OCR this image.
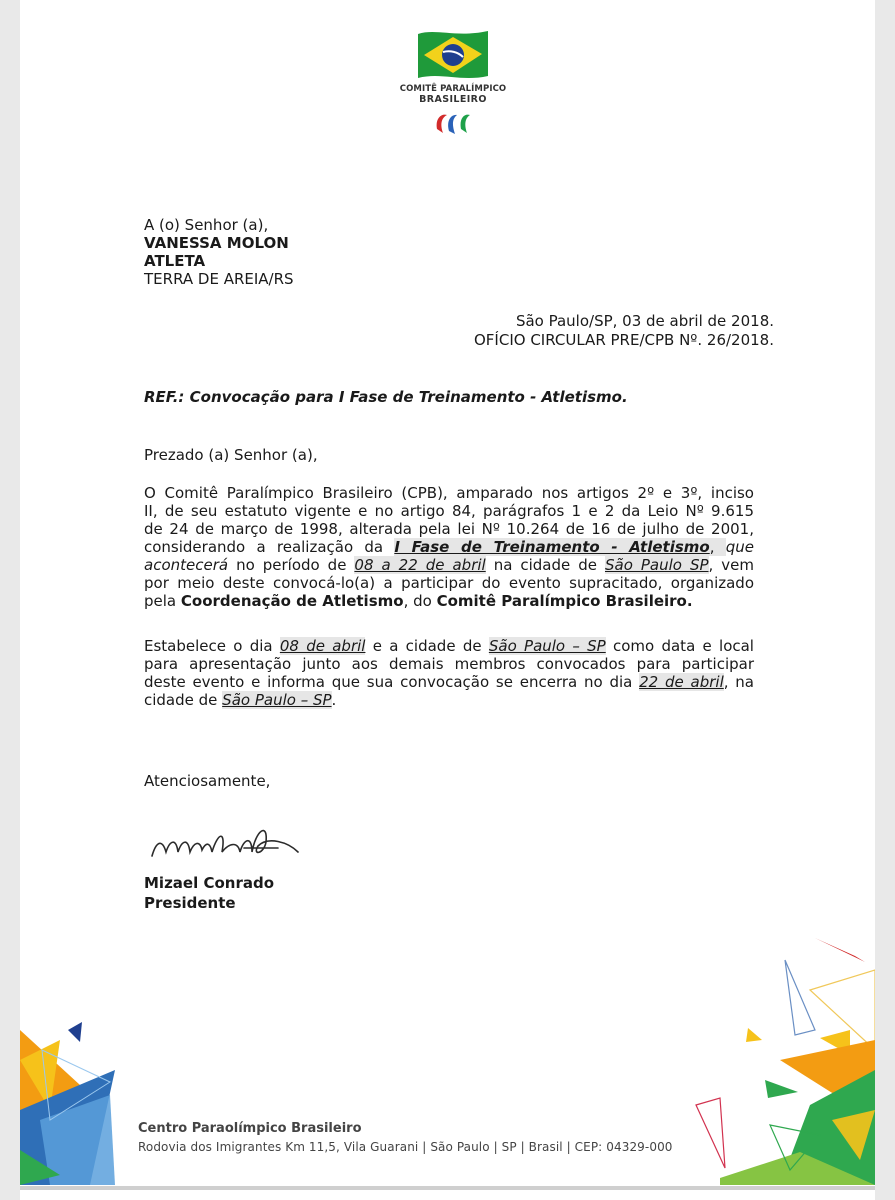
COMITÊ PARALÍMPICO
BRASILEIRO
A (o) Senhor (a),
VANESSA MOLON
ATLETA
TERRA DE AREIA/RS
São Paulo/SP, 03 de abril de 2018.
OFÍCIO CIRCULAR PRE/CPB Nº. 26/2018.
REF.: Convocação para I Fase de Treinamento - Atletismo.
Prezado (a) Senhor (a),
O Comitê Paralímpico Brasileiro (CPB), amparado nos artigos 2º e 3º, inciso
II, de seu estatuto vigente e no artigo 84, parágrafos 1 e 2 da Leio Nº 9.615
de 24 de março de 1998, alterada pela lei Nº 10.264 de 16 de julho de 2001,
considerando a realização da I Fase de Treinamento - Atletismo, que
acontecerá no período de 08 a 22 de abril na cidade de São Paulo SP, vem
por meio deste convocá-lo(a) a participar do evento supracitado, organizado
pela Coordenação de Atletismo, do Comitê Paralímpico Brasileiro.
Estabelece o dia 08 de abril e a cidade de São Paulo – SP como data e local
para apresentação junto aos demais membros convocados para participar
deste evento e informa que sua convocação se encerra no dia 22 de abril, na
cidade de São Paulo – SP.
Atenciosamente,
Mizael Conrado
Presidente
Centro Paraolímpico Brasileiro
Rodovia dos Imigrantes Km 11,5, Vila Guarani | São Paulo | SP | Brasil | CEP: 04329-000
